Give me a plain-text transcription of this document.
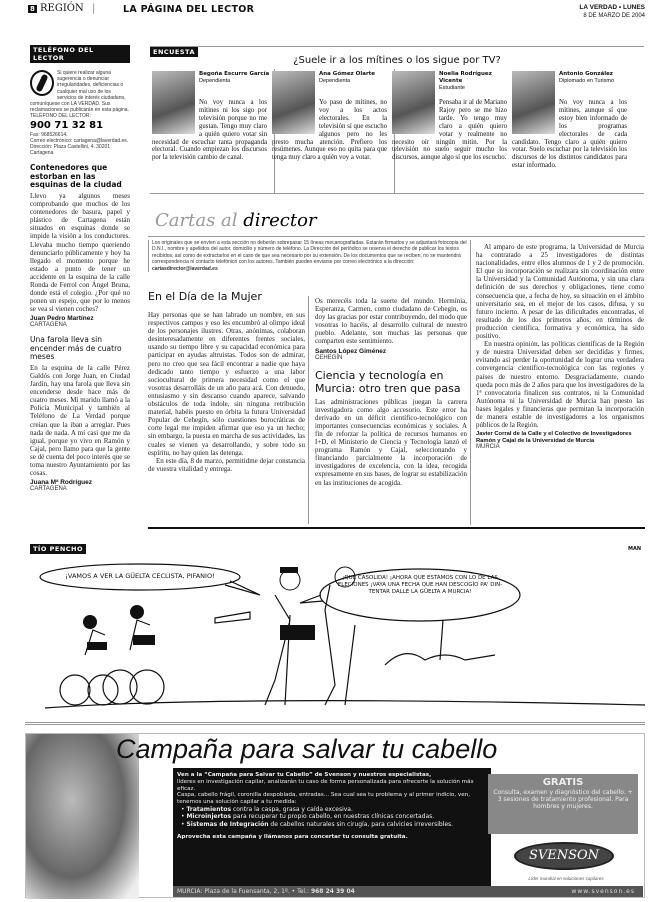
8 REGIÓN |	LA PÁGINA DEL LECTOR	LA VERDAD • LUNES
8 DE MARZO DE 2004
TELÉFONO DEL LECTOR
Si quiere realizar alguna sugerencia o denunciar irregularidades, deficiencias o cualquier mal uso de los servicios de interés ciudadano, comuníquese con LA VERDAD. Sus reclamaciones se publicarán en esta página.
TELÉFONO DEL LECTOR:
900 71 32 81
Fax: 968526614.
Correo electrónico: cartagena@laverdad.es. Dirección: Plaza Castellini, 4. 30201 Cartagena
Contenedores que estorban en las esquinas de la ciudad
Llevo ya algunos meses comprobando que muchos de los contenedores de basura, papel y plástico de Cartagena están situados en esquinas donde se impide la visión a los conductores. Llevaba mucho tiempo queriendo denunciarlo públicamente y hoy ha llegado el momento porque he estado a punto de tener un accidente en la esquina de la calle Ronda de Ferrol con Ángel Bruna, donde está el colegio. ¿Por qué no ponen un espejo, que por lo menos se vea si vienen coches?
Juan Pedro Martínez
CARTAGENA
Una farola lleva sin encender más de cuatro meses
En la esquina de la calle Pérez Galdós con Jorge Juan, en Ciudad Jardín, hay una farola que lleva sin encenderse desde hace más de cuatro meses. Mi marido llamó a la Policía Municipal y también al Teléfono de La Verdad porque creían que la iban a arreglar. Pues nada de nada. A mí casi que me da igual, porque yo vivo en Ramón y Cajal, pero llamo para que la gente se dé cuenta del poco interés que se toma nuestro Ayuntamiento por las cosas.
Juana Mª Rodríguez
CARTAGENA
ENCUESTA
¿Suele ir a los mítines o los sigue por TV?
Begoña Escurre García
Dependienta
No voy nunca a los mítines ni los sigo por televisión porque no me gustan. Tengo muy claro a quién quiero votar sin necesidad de escuchar tanta propaganda electoral. Cuando empiezan los discursos por la televisión cambio de canal.
Ana Gómez Olarte
Dependienta
Yo paso de mítines, no voy a los actos electorales. En la televisión sí que escucho algunos pero no les presto mucha atención. Prefiero los resúmenes. Aunque eso no quita para que tenga muy claro a quién voy a votar.
Noelia Rodríguez Vicente
Estudiante
Pensaba ir al de Mariano Rajoy pero se me hizo tarde. Yo tengo muy claro a quién quiero votar y realmente no necesito oír ningún mitin. Por la televisión no suelo seguir mucho los discursos, aunque algo sí que los escucho.
Antonio González
Diplomado en Turismo
No voy nunca a los mítines, aunque sí que estoy bien informado de los programas electorales de cada candidato. Tengo claro a quién quiero votar. Suelo escuchar por la televisión los discursos de los distintos candidatos para estar informado.
Cartas al director
Los originales que se envíen a esta sección no deberán sobrepasar 15 líneas mecanografiadas. Estarán firmados y se adjuntará fotocopia del D.N.I., nombre y apellidos del autor, domicilio y número de teléfono. La Dirección del periódico se reserva el derecho de publicar los textos recibidos, así como de extractarlos en el caso de que sea necesario por su extensión. De los documentos que se reciben, no se mantendrá correspondencia ni contacto telefónico con los autores. También pueden enviarse por correo electrónico a la dirección: cartasdirector@laverdad.es
En el Día de la Mujer
Hay personas que se han labrado un nombre, en sus respectivos campos y eso les encumbró al olimpo ideal de los personajes ilustres. Otras, anónimas, colaboran desinteresadamente en diferentes frentes sociales, usando su tiempo libre y su capacidad económica para participar en ayudas altruistas. Todos son de admirar, pero no creo que sea fácil encontrar a nadie que haya dedicado tanto tiempo y esfuerzo a una labor sociocultural de primera necesidad como el que vosotras desarrolláis de un año para acá. Con denuedo, entusiasmo y sin descanso cuando aparece, salvando obstáculos de toda índole, sin ninguna retribución material, habéis puesto en órbita la futura Universidad Popular de Cehegín, sólo cuestiones burocráticas de corte legal me impiden afirmar que eso ya un hecho; sin embargo, la puesta en marcha de sus actividades, las cuales se vienen ya desarrollando, y sobre todo su espíritu, no hay quien las detenga.
En este día, 8 de marzo, permitidme dejar constancia de vuestra vitalidad y entrega.
Os merecéis toda la suerte del mundo. Hermínia, Esperanza, Carmen, como ciudadano de Cehegín, os doy las gracias por estar contribuyendo, del modo que vosotras lo hacéis, al desarrollo cultural de nuestro pueblo. Adelante, son muchas las personas que comparten este sentimiento.
Santos López Giménez
CEHEGÍN
Ciencia y tecnología en Murcia: otro tren que pasa
Las administraciones públicas juegan la carrera investigadora como algo accesorio. Este error ha derivado en un déficit científico-tecnológico con importantes consecuencias económicas y sociales. A fin de reforzar la política de recursos humanos en I+D, el Ministerio de Ciencia y Tecnología lanzó el programa Ramón y Cajal, seleccionando y financiando parcialmente la incorporación de investigadores de excelencia, con la idea, recogida expresamente en sus bases, de lograr su estabilización en las instituciones de acogida.
Al amparo de este programa, la Universidad de Murcia ha contratado a 25 investigadores de distintas nacionalidades, entre ellos alumnos de 1 y 2 de promoción. El que su incorporación se realizara sin coordinación entre la Universidad y la Comunidad Autónoma, y sin una clara definición de sus derechos y obligaciones, tiene como consecuencia que, a fecha de hoy, su situación en el ámbito universitario sea, en el mejor de los casos, difusa, y su futuro incierto. A pesar de las dificultades encontradas, el resultado de los dos primeros años, en términos de producción científica, formativa y económica, ha sido positivo.
En nuestra opinión, las políticas científicas de la Región y de nuestra Universidad deben ser decididas y firmes, evitando así perder la oportunidad de lograr una verdadera convergencia científico-tecnológica con las regiones y países de nuestro entorno. Desgraciadamente, cuando queda poco más de 2 años para que los investigadores de la 1ª convocatoria finalicen sus contratos, ni la Comunidad Autónoma ni la Universidad de Murcia han puesto las bases legales y financieras que permitan la incorporación de manera estable de investigadores a los organismos públicos de la Región.
Javier Corral de la Calle y el Colectivo de Investigadores Ramón y Cajal de la Universidad de Murcia
MURCIA
TÍO PENCHO	MAN
¡VAMOS A VER LA GÜELTA CECLISTA, PIFANIO!	¡QUÉ CASOLIDA! ¡AHORA QUE ESTAMOS CON LO DE LAS ELECIONES ¡VAYA UNA FECHA QUE HAN DESCOGÍO PA' DIN-TENTAR DALLE LA GÜELTA A MURCIA!
Campaña para salvar tu cabello
Ven a la “Campaña para Salvar tu Cabello” de Svenson y nuestros especialistas,
líderes en investigación capilar, analizarán tu caso de forma personalizada para ofrecerte la solución más eficaz.
Caspa, cabello frágil, coronilla despoblada, entradas... Sea cual sea tu problema y al primer indicio, ven, tenemos una solución capilar a tu medida:
• Tratamientos contra la caspa, grasa y caída excesiva.
• Microinjertos para recuperar tu propio cabello, en nuestras clínicas concertadas.
• Sistemas de Integración de cabellos naturales sin cirugía, para calvicies irreversibles.
Aprovecha esta campaña y llámanos para concertar tu consulta gratuita.
MURCIA: Plaza de la Fuensanta, 2, 1º. • Tel.: 968 24 39 04	www.svenson.es
GRATIS
Consulta, examen y diagnóstico del cabello. + 3 sesiones de tratamiento profesional. Para hombres y mujeres.
SVENSON
Líder mundial en soluciones capilares
